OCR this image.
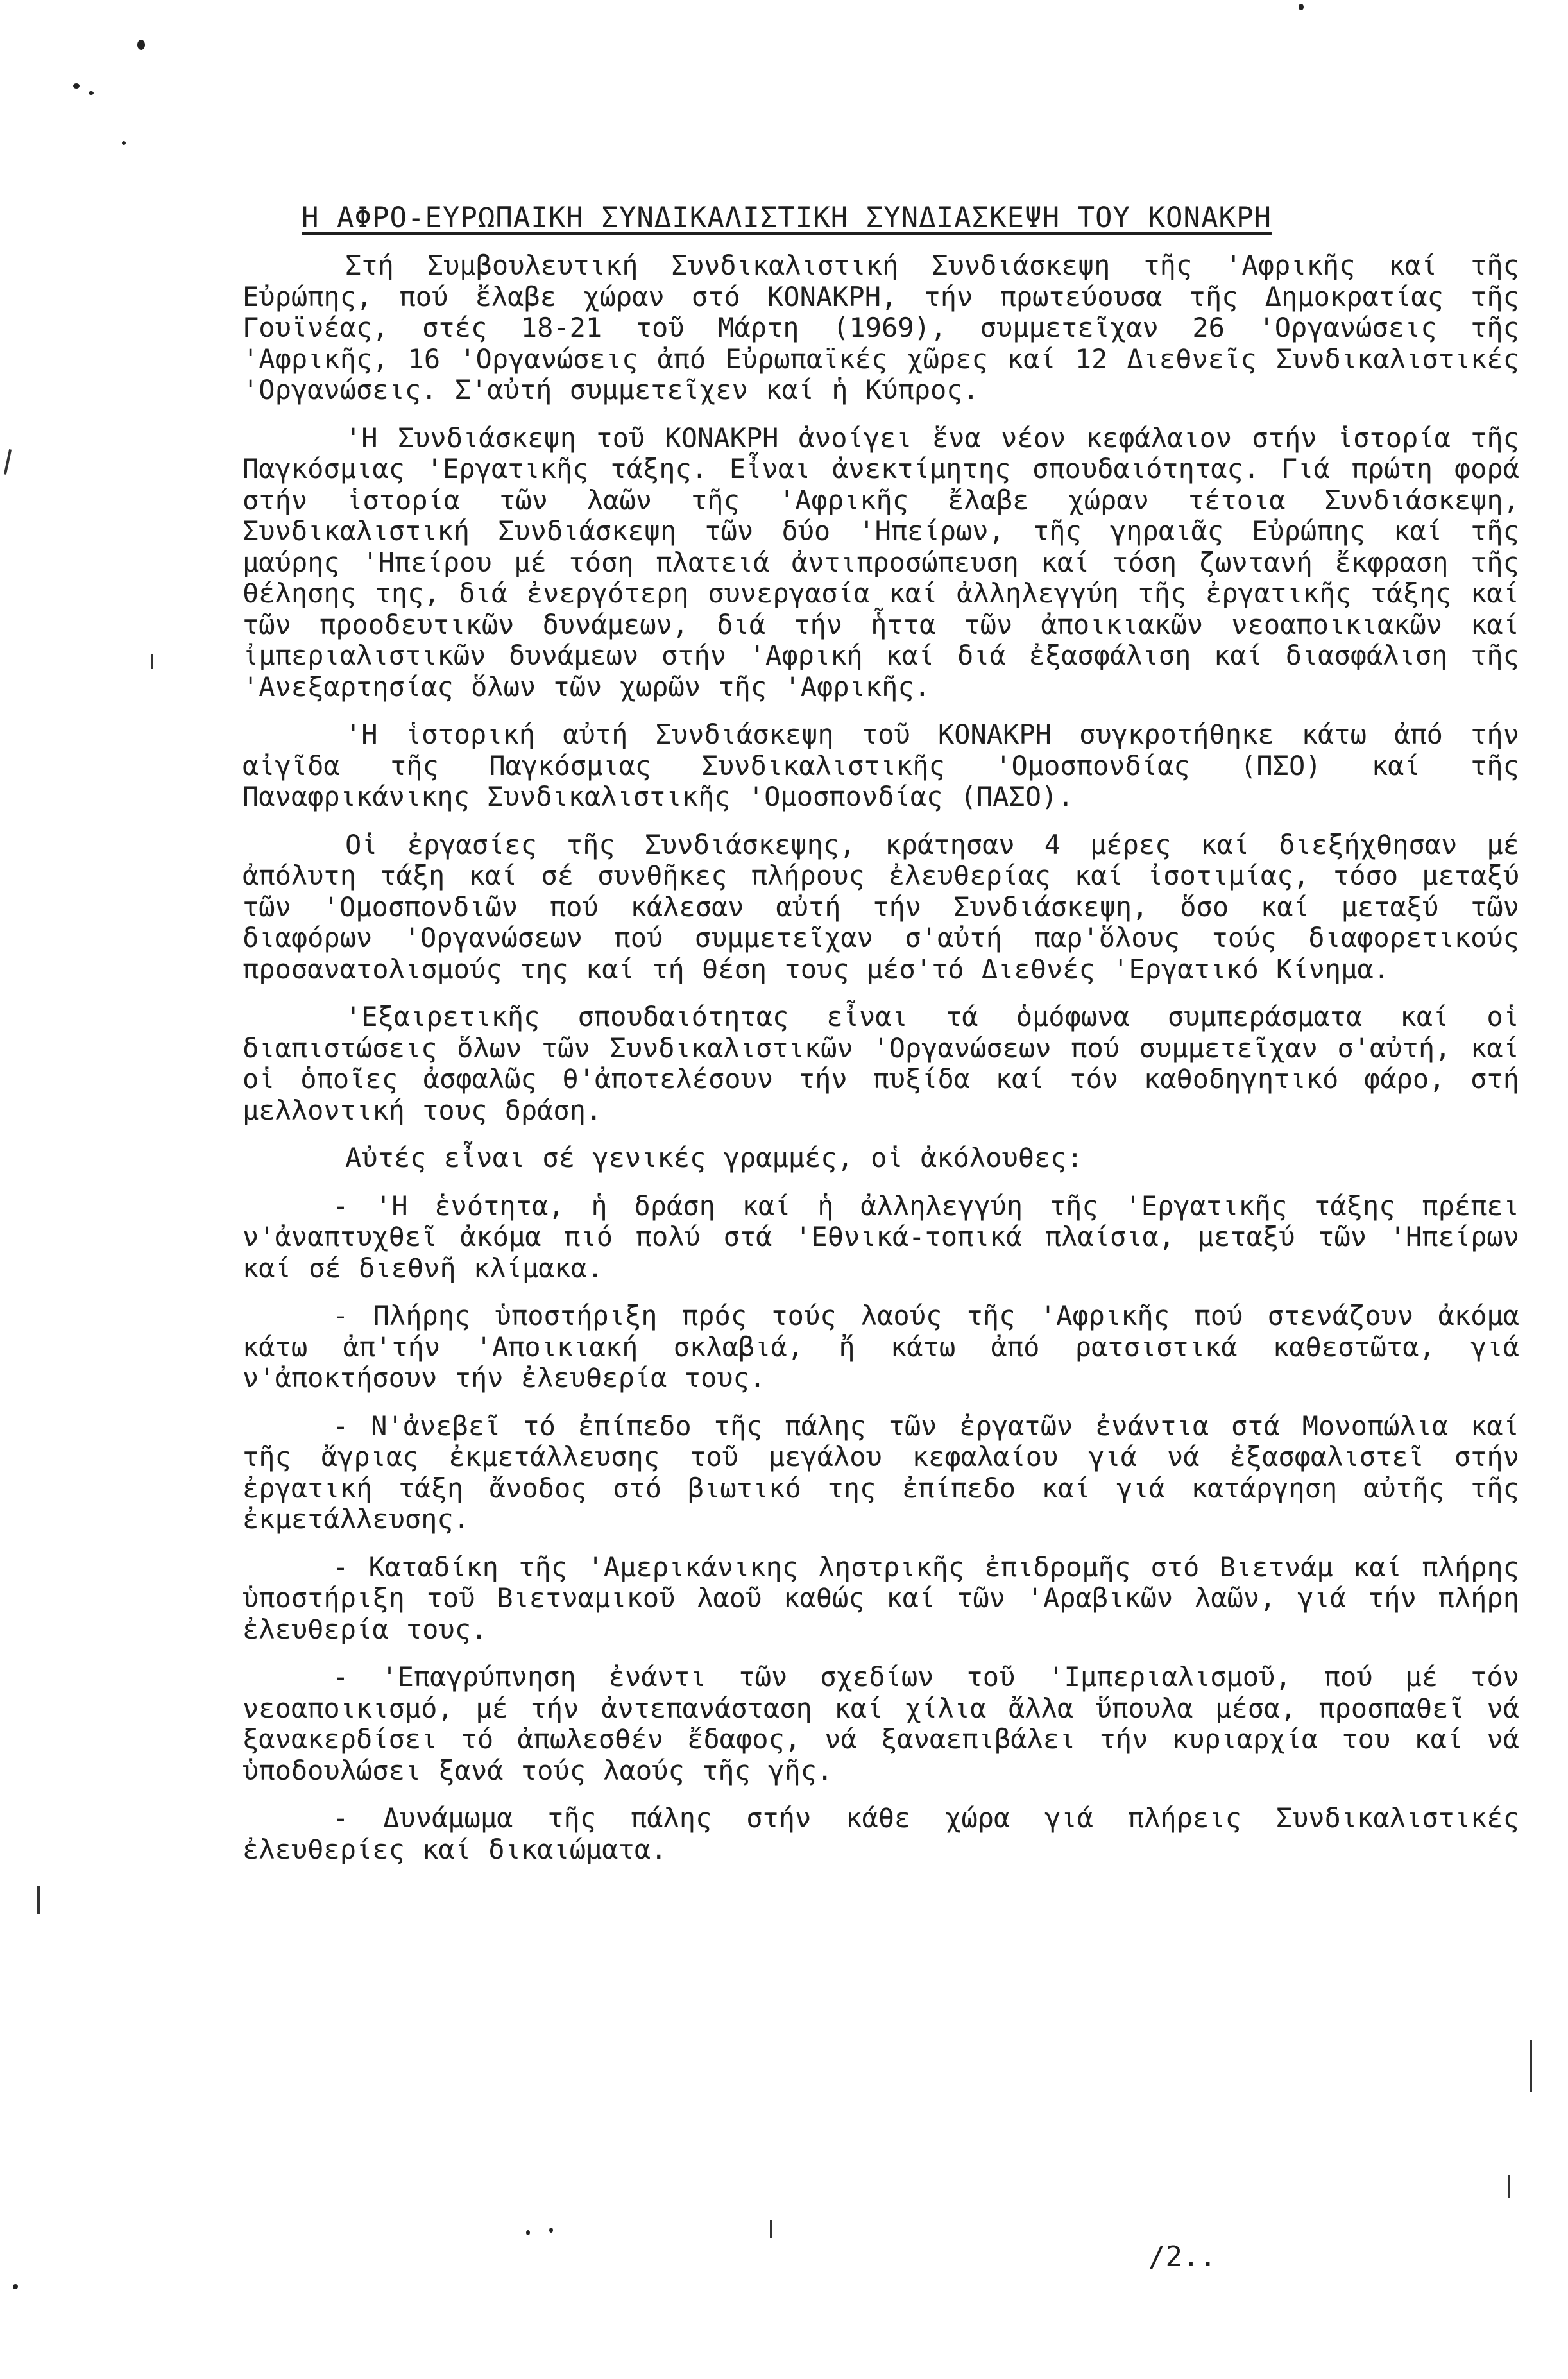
Η ΑΦΡΟ-ΕΥΡΩΠΑΙΚΗ ΣΥΝΔΙΚΑΛΙΣΤΙΚΗ ΣΥΝΔΙΑΣΚΕΨΗ ΤΟΥ ΚΟΝΑΚΡΗ

Στή Συμβουλευτική Συνδικαλιστική Συνδιάσκεψη τῆς 'Αφρικῆς καί τῆς Εὐρώπης, πού ἔλαβε χώραν στό ΚΟΝΑΚΡΗ, τήν πρωτεύουσα τῆς Δημοκρατίας τῆς Γουϊνέας, στές 18-21 τοῦ Μάρτη (1969), συμμετεῖχαν 26 'Οργανώσεις τῆς 'Αφρικῆς, 16 'Οργανώσεις ἀπό Εὐρωπαϊκές χῶρες καί 12 Διεθνεῖς Συνδικαλιστικές 'Οργανώσεις. Σ'αὐτή συμμετεῖχεν καί ἡ Κύπρος.

'Η Συνδιάσκεψη τοῦ ΚΟΝΑΚΡΗ ἀνοίγει ἕνα νέον κεφάλαιον στήν ἱστορία τῆς Παγκόσμιας 'Εργατικῆς τάξης. Εἶναι ἀνεκτίμητης σπουδαιότητας. Γιά πρώτη φορά στήν ἱστορία τῶν λαῶν τῆς 'Αφρικῆς ἔλαβε χώραν τέτοια Συνδιάσκεψη, Συνδικαλιστική Συνδιάσκεψη τῶν δύο 'Ηπείρων, τῆς γηραιᾶς Εὐρώπης καί τῆς μαύρης 'Ηπείρου μέ τόση πλατειά ἀντιπροσώπευση καί τόση ζωντανή ἔκφραση τῆς θέλησης της, διά ἐνεργότερη συνεργασία καί ἀλληλεγγύη τῆς ἐργατικῆς τάξης καί τῶν προοδευτικῶν δυνάμεων, διά τήν ἧττα τῶν ἀποικιακῶν νεοαποικιακῶν καί ἰμπεριαλιστικῶν δυνάμεων στήν 'Αφρική καί διά ἐξασφάλιση καί διασφάλιση τῆς 'Ανεξαρτησίας ὅλων τῶν χωρῶν τῆς 'Αφρικῆς.

'Η ἱστορική αὐτή Συνδιάσκεψη τοῦ ΚΟΝΑΚΡΗ συγκροτήθηκε κάτω ἀπό τήν αἰγῖδα τῆς Παγκόσμιας Συνδικαλιστικῆς 'Ομοσπονδίας (ΠΣΟ) καί τῆς Παναφρικάνικης Συνδικαλιστικῆς 'Ομοσπονδίας (ΠΑΣΟ).

Οἱ ἐργασίες τῆς Συνδιάσκεψης, κράτησαν 4 μέρες καί διεξήχθησαν μέ ἀπόλυτη τάξη καί σέ συνθῆκες πλήρους ἐλευθερίας καί ἰσοτιμίας, τόσο μεταξύ τῶν 'Ομοσπονδιῶν πού κάλεσαν αὐτή τήν Συνδιάσκεψη, ὅσο καί μεταξύ τῶν διαφόρων 'Οργανώσεων πού συμμετεῖχαν σ'αὐτή παρ'ὅλους τούς διαφορετικούς προσανατολισμούς της καί τή θέση τους μέσ'τό Διεθνές 'Εργατικό Κίνημα.

'Εξαιρετικῆς σπουδαιότητας εἶναι τά ὁμόφωνα συμπεράσματα καί οἱ διαπιστώσεις ὅλων τῶν Συνδικαλιστικῶν 'Οργανώσεων πού συμμετεῖχαν σ'αὐτή, καί οἱ ὁποῖες ἀσφαλῶς θ'ἀποτελέσουν τήν πυξίδα καί τόν καθοδηγητικό φάρο, στή μελλοντική τους δράση.

Αὐτές εἶναι σέ γενικές γραμμές, οἱ ἀκόλουθες:

- 'Η ἑνότητα, ἡ δράση καί ἡ ἀλληλεγγύη τῆς 'Εργατικῆς τάξης πρέπει ν'ἀναπτυχθεῖ ἀκόμα πιό πολύ στά 'Εθνικά-τοπικά πλαίσια, μεταξύ τῶν 'Ηπείρων καί σέ διεθνῆ κλίμακα.

- Πλήρης ὑποστήριξη πρός τούς λαούς τῆς 'Αφρικῆς πού στενάζουν ἀκόμα κάτω ἀπ'τήν 'Αποικιακή σκλαβιά, ἤ κάτω ἀπό ρατσιστικά καθεστῶτα, γιά ν'ἀποκτήσουν τήν ἐλευθερία τους.

- Ν'ἀνεβεῖ τό ἐπίπεδο τῆς πάλης τῶν ἐργατῶν ἐνάντια στά Μονοπώλια καί τῆς ἄγριας ἐκμετάλλευσης τοῦ μεγάλου κεφαλαίου γιά νά ἐξασφαλιστεῖ στήν ἐργατική τάξη ἄνοδος στό βιωτικό της ἐπίπεδο καί γιά κατάργηση αὐτῆς τῆς ἐκμετάλλευσης.

- Καταδίκη τῆς 'Αμερικάνικης ληστρικῆς ἐπιδρομῆς στό Βιετνάμ καί πλήρης ὑποστήριξη τοῦ Βιετναμικοῦ λαοῦ καθώς καί τῶν 'Αραβικῶν λαῶν, γιά τήν πλήρη ἐλευθερία τους.

- 'Επαγρύπνηση ἐνάντι τῶν σχεδίων τοῦ 'Ιμπεριαλισμοῦ, πού μέ τόν νεοαποικισμό, μέ τήν ἀντεπανάσταση καί χίλια ἄλλα ὕπουλα μέσα, προσπαθεῖ νά ξανακερδίσει τό ἀπωλεσθέν ἔδαφος, νά ξαναεπιβάλει τήν κυριαρχία του καί νά ὑποδουλώσει ξανά τούς λαούς τῆς γῆς.

- Δυνάμωμα τῆς πάλης στήν κάθε χώρα γιά πλήρεις Συνδικαλιστικές ἐλευθερίες καί δικαιώματα.

/2..
